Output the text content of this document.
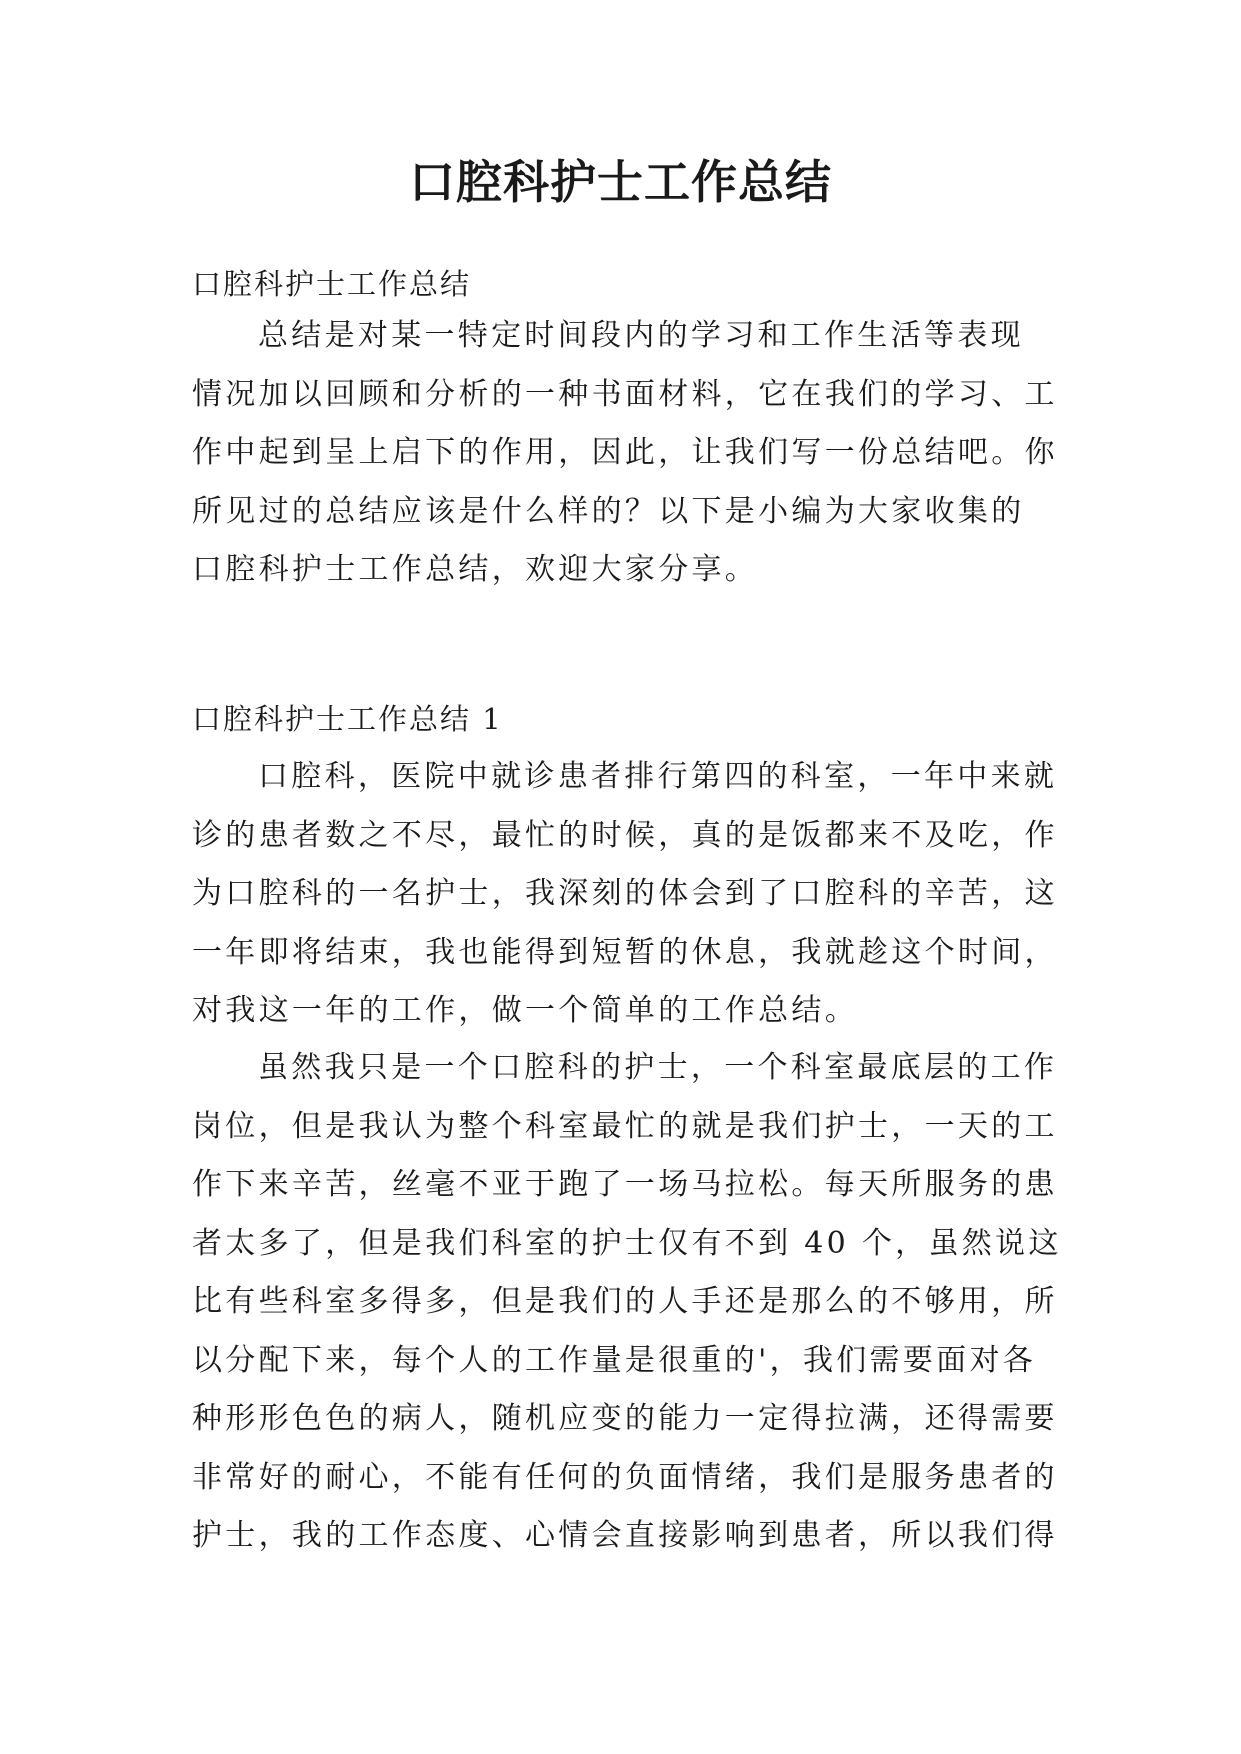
口腔科护士工作总结

口腔科护士工作总结

总结是对某一特定时间段内的学习和工作生活等表现
情况加以回顾和分析的一种书面材料，它在我们的学习、工
作中起到呈上启下的作用，因此，让我们写一份总结吧。你
所见过的总结应该是什么样的？以下是小编为大家收集的
口腔科护士工作总结，欢迎大家分享。

口腔科护士工作总结 1

口腔科，医院中就诊患者排行第四的科室，一年中来就
诊的患者数之不尽，最忙的时候，真的是饭都来不及吃，作
为口腔科的一名护士，我深刻的体会到了口腔科的辛苦，这
一年即将结束，我也能得到短暂的休息，我就趁这个时间，
对我这一年的工作，做一个简单的工作总结。
虽然我只是一个口腔科的护士，一个科室最底层的工作
岗位，但是我认为整个科室最忙的就是我们护士，一天的工
作下来辛苦，丝毫不亚于跑了一场马拉松。每天所服务的患
者太多了，但是我们科室的护士仅有不到 40 个，虽然说这
比有些科室多得多，但是我们的人手还是那么的不够用，所
以分配下来，每个人的工作量是很重的'，我们需要面对各
种形形色色的病人，随机应变的能力一定得拉满，还得需要
非常好的耐心，不能有任何的负面情绪，我们是服务患者的
护士，我的工作态度、心情会直接影响到患者，所以我们得
